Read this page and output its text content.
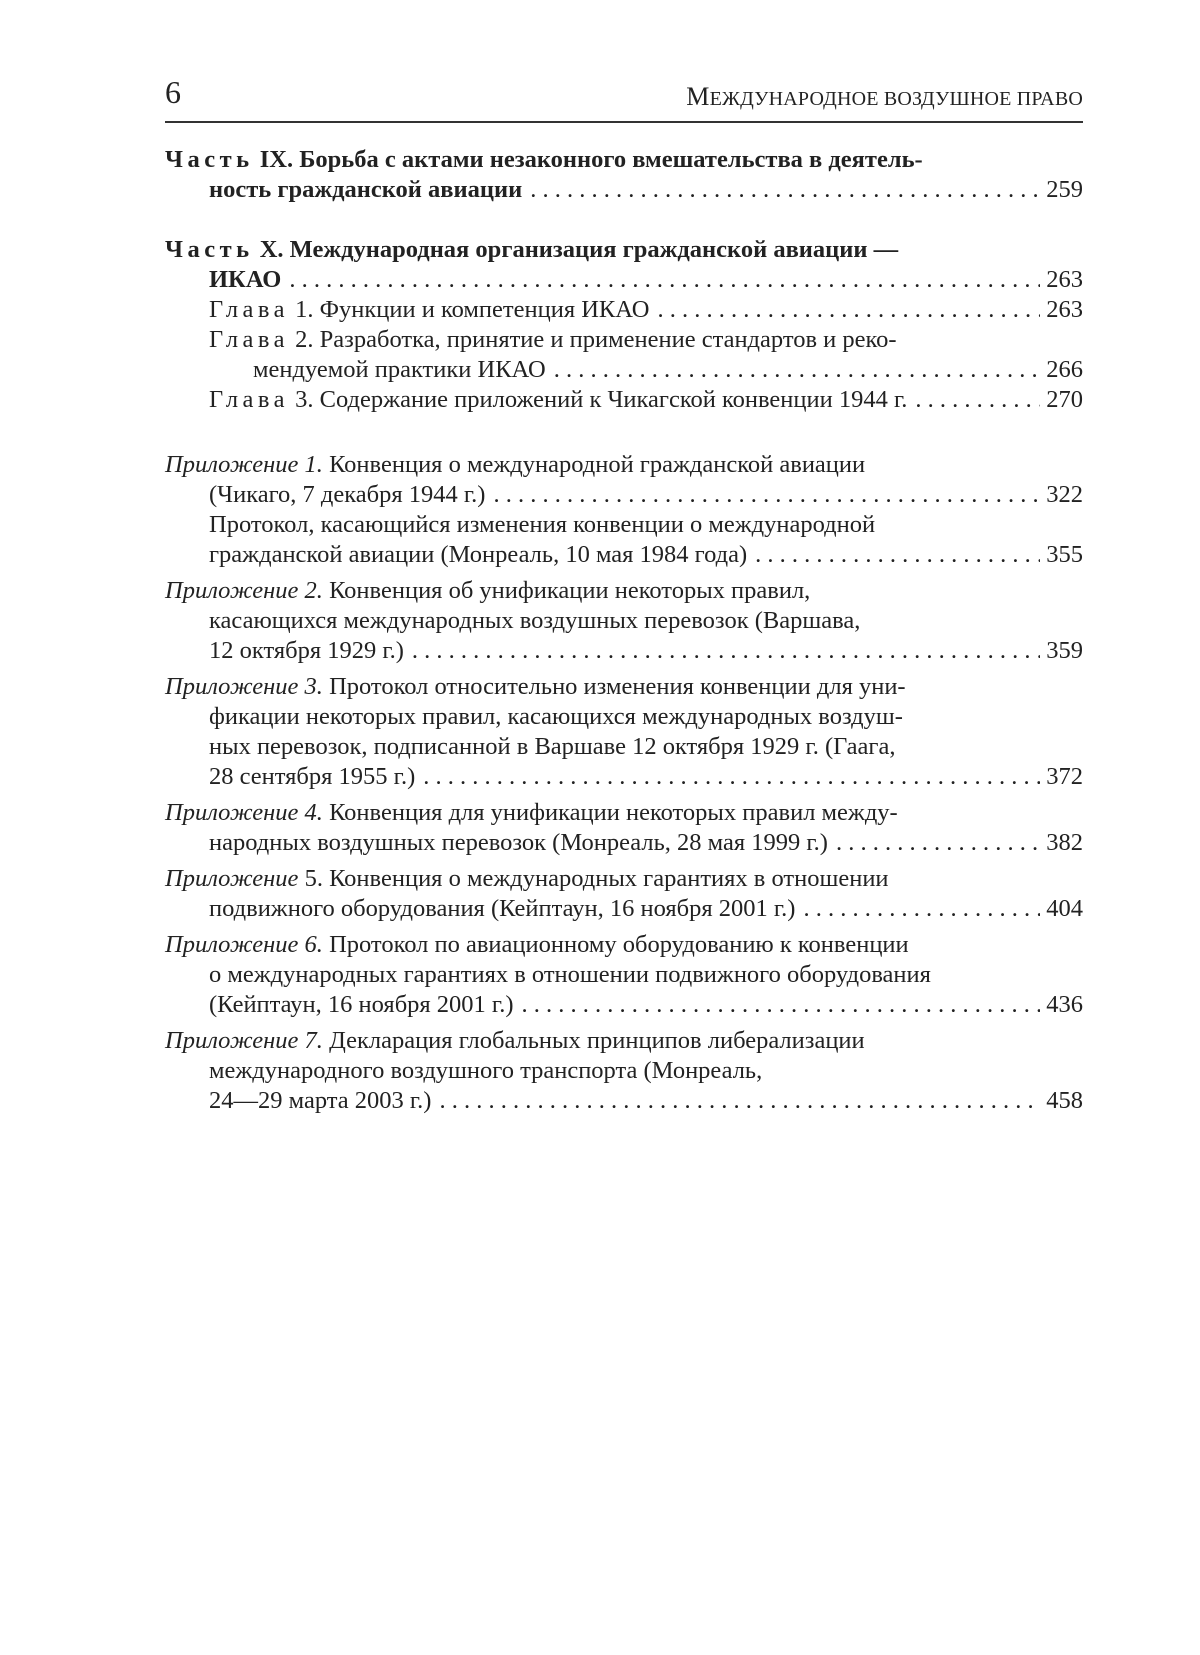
6	МЕЖДУНАРОДНОЕ ВОЗДУШНОЕ ПРАВО
Часть IX. Борьба с актами незаконного вмешательства в деятель-
ность гражданской авиации . . .	259
Часть X. Международная организация гражданской авиации —
ИКАО . . .	263
Глава 1. Функции и компетенция ИКАО . . .	263
Глава 2. Разработка, принятие и применение стандартов и реко-
мендуемой практики ИКАО . . .	266
Глава 3. Содержание приложений к Чикагской конвенции 1944 г. . . .	270
Приложение 1. Конвенция о международной гражданской авиации
(Чикаго, 7 декабря 1944 г.) . . .	322
Протокол, касающийся изменения конвенции о международной
гражданской авиации (Монреаль, 10 мая 1984 года) . . .	355
Приложение 2. Конвенция об унификации некоторых правил,
касающихся международных воздушных перевозок (Варшава,
12 октября 1929 г.) . . .	359
Приложение 3. Протокол относительно изменения конвенции для уни-
фикации некоторых правил, касающихся международных воздуш-
ных перевозок, подписанной в Варшаве 12 октября 1929 г. (Гаага,
28 сентября 1955 г.) . . .	372
Приложение 4. Конвенция для унификации некоторых правил между-
народных воздушных перевозок (Монреаль, 28 мая 1999 г.) . . .	382
Приложение 5. Конвенция о международных гарантиях в отношении
подвижного оборудования (Кейптаун, 16 ноября 2001 г.) . . .	404
Приложение 6. Протокол по авиационному оборудованию к конвенции
о международных гарантиях в отношении подвижного оборудования
(Кейптаун, 16 ноября 2001 г.) . . .	436
Приложение 7. Декларация глобальных принципов либерализации
международного воздушного транспорта (Монреаль,
24—29 марта 2003 г.) . . .	458
